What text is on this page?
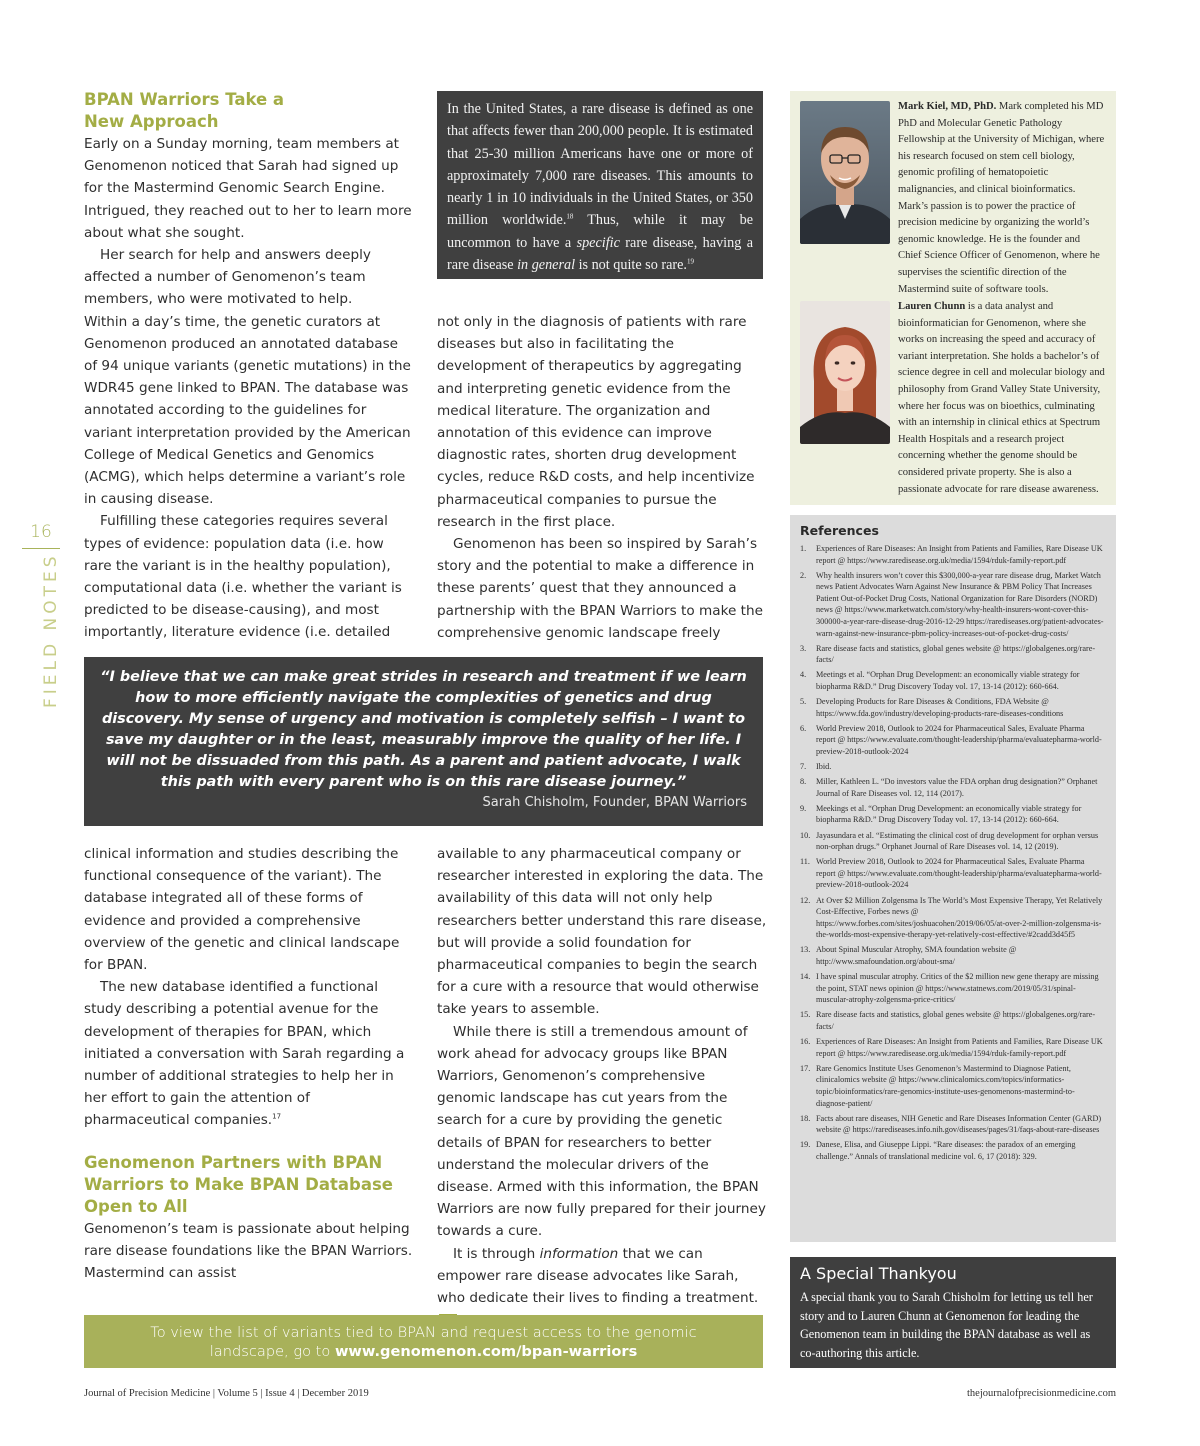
16
FIELD NOTES
BPAN Warriors Take a
New Approach

Early on a Sunday morning, team members at Genomenon noticed that Sarah had signed up for the Mastermind Genomic Search Engine. Intrigued, they reached out to her to learn more about what she sought.

Her search for help and answers deeply affected a number of Genomenon’s team members, who were motivated to help.

Within a day’s time, the genetic curators at Genomenon produced an annotated database of 94 unique variants (genetic mutations) in the WDR45 gene linked to BPAN. The database was annotated according to the guidelines for variant interpretation provided by the American College of Medical Genetics and Genomics (ACMG), which helps determine a variant’s role in causing disease.

Fulfilling these categories requires several types of evidence: population data (i.e. how rare the variant is in the healthy population), computational data (i.e. whether the variant is predicted to be disease-causing), and most importantly, literature evidence (i.e. detailed

In the United States, a rare disease is defined as one that affects fewer than 200,000 people. It is estimated that 25-30 million Americans have one or more of approximately 7,000 rare diseases. This amounts to nearly 1 in 10 individuals in the United States, or 350 million worldwide.$^{18}$ Thus, while it may be uncommon to have a specific rare disease, having a rare disease in general is not quite so rare.$^{19}$

not only in the diagnosis of patients with rare diseases but also in facilitating the development of therapeutics by aggregating and interpreting genetic evidence from the medical literature. The organization and annotation of this evidence can improve diagnostic rates, shorten drug development cycles, reduce R&D costs, and help incentivize pharmaceutical companies to pursue the research in the first place.

Genomenon has been so inspired by Sarah’s story and the potential to make a difference in these parents’ quest that they announced a partnership with the BPAN Warriors to make the comprehensive genomic landscape freely

“I believe that we can make great strides in research and treatment if we learn how to more efficiently navigate the complexities of genetics and drug discovery. My sense of urgency and motivation is completely selfish – I want to save my daughter or in the least, measurably improve the quality of her life. I will not be dissuaded from this path. As a parent and patient advocate, I walk this path with every parent who is on this rare disease journey.”
Sarah Chisholm, Founder, BPAN Warriors

clinical information and studies describing the functional consequence of the variant). The database integrated all of these forms of evidence and provided a comprehensive overview of the genetic and clinical landscape for BPAN.

The new database identified a functional study describing a potential avenue for the development of therapies for BPAN, which initiated a conversation with Sarah regarding a number of additional strategies to help her in her effort to gain the attention of pharmaceutical companies.$^{17}$

Genomenon Partners with BPAN Warriors to Make BPAN Database Open to All

Genomenon’s team is passionate about helping rare disease foundations like the BPAN Warriors. Mastermind can assist

available to any pharmaceutical company or researcher interested in exploring the data. The availability of this data will not only help researchers better understand this rare disease, but will provide a solid foundation for pharmaceutical companies to begin the search for a cure with a resource that would otherwise take years to assemble.

While there is still a tremendous amount of work ahead for advocacy groups like BPAN Warriors, Genomenon’s comprehensive genomic landscape has cut years from the search for a cure by providing the genetic details of BPAN for researchers to better understand the molecular drivers of the disease. Armed with this information, the BPAN Warriors are now fully prepared for their journey towards a cure.

It is through information that we can empower rare disease advocates like Sarah, who dedicate their lives to finding a treatment.

Mark Kiel, MD, PhD. Mark completed his MD PhD and Molecular Genetic Pathology Fellowship at the University of Michigan, where his research focused on stem cell biology, genomic profiling of hematopoietic malignancies, and clinical bioinformatics. Mark’s passion is to power the practice of precision medicine by organizing the world’s genomic knowledge. He is the founder and Chief Science Officer of Genomenon, where he supervises the scientific direction of the Mastermind suite of software tools.
Lauren Chunn is a data analyst and bioinformatician for Genomenon, where she works on increasing the speed and accuracy of variant interpretation. She holds a bachelor’s of science degree in cell and molecular biology and philosophy from Grand Valley State University, where her focus was on bioethics, culminating with an internship in clinical ethics at Spectrum Health Hospitals and a research project concerning whether the genome should be considered private property. She is also a passionate advocate for rare disease awareness.
References
1.	Experiences of Rare Diseases: An Insight from Patients and Families, Rare Disease UK report @ https://www.raredisease.org.uk/media/1594/rduk-family-report.pdf
2.	Why health insurers won’t cover this $300,000-a-year rare disease drug, Market Watch news Patient Advocates Warn Against New Insurance & PBM Policy That Increases Patient Out-of-Pocket Drug Costs, National Organization for Rare Disorders (NORD) news @ https://www.marketwatch.com/story/why-health-insurers-wont-cover-this-300000-a-year-rare-disease-drug-2016-12-29 https://rarediseases.org/patient-advocates-warn-against-new-insurance-pbm-policy-increases-out-of-pocket-drug-costs/
3.	Rare disease facts and statistics, global genes website @ https://globalgenes.org/rare-facts/
4.	Meetings et al. “Orphan Drug Development: an economically viable strategy for biopharma R&D.” Drug Discovery Today vol. 17, 13-14 (2012): 660-664.
5.	Developing Products for Rare Diseases & Conditions, FDA Website @ https://www.fda.gov/industry/developing-products-rare-diseases-conditions
6.	World Preview 2018, Outlook to 2024 for Pharmaceutical Sales, Evaluate Pharma report @ https://www.evaluate.com/thought-leadership/pharma/evaluatepharma-world-preview-2018-outlook-2024
7.	Ibid.
8.	Miller, Kathleen L. “Do investors value the FDA orphan drug designation?” Orphanet Journal of Rare Diseases vol. 12, 114 (2017).
9.	Meekings et al. “Orphan Drug Development: an economically viable strategy for biopharma R&D.” Drug Discovery Today vol. 17, 13-14 (2012): 660-664.
10. Jayasundara et al. “Estimating the clinical cost of drug development for orphan versus non-orphan drugs.” Orphanet Journal of Rare Diseases vol. 14, 12 (2019).
11. World Preview 2018, Outlook to 2024 for Pharmaceutical Sales, Evaluate Pharma report @ https://www.evaluate.com/thought-leadership/pharma/evaluatepharma-world-preview-2018-outlook-2024
12. At Over $2 Million Zolgensma Is The World’s Most Expensive Therapy, Yet Relatively Cost-Effective, Forbes news @ https://www.forbes.com/sites/joshuacohen/2019/06/05/at-over-2-million-zolgensma-is-the-worlds-most-expensive-therapy-yet-relatively-cost-effective/#2cadd3d45f5
13. About Spinal Muscular Atrophy, SMA foundation website @ http://www.smafoundation.org/about-sma/
14. I have spinal muscular atrophy. Critics of the $2 million new gene therapy are missing the point, STAT news opinion @ https://www.statnews.com/2019/05/31/spinal-muscular-atrophy-zolgensma-price-critics/
15. Rare disease facts and statistics, global genes website @ https://globalgenes.org/rare-facts/
16. Experiences of Rare Diseases: An Insight from Patients and Families, Rare Disease UK report @ https://www.raredisease.org.uk/media/1594/rduk-family-report.pdf
17. Rare Genomics Institute Uses Genomenon’s Mastermind to Diagnose Patient, clinicalomics website @ https://www.clinicalomics.com/topics/informatics-topic/bioinformatics/rare-genomics-institute-uses-genomenons-mastermind-to-diagnose-patient/
18. Facts about rare diseases, NIH Genetic and Rare Diseases Information Center (GARD) website @ https://rarediseases.info.nih.gov/diseases/pages/31/faqs-about-rare-diseases
19. Danese, Elisa, and Giuseppe Lippi. “Rare diseases: the paradox of an emerging challenge.” Annals of translational medicine vol. 6, 17 (2018): 329.
A Special Thankyou
A special thank you to Sarah Chisholm for letting us tell her story and to Lauren Chunn at Genomenon for leading the Genomenon team in building the BPAN database as well as co-authoring this article.
To view the list of variants tied to BPAN and request access to the genomic
landscape, go to www.genomenon.com/bpan-warriors
Journal of Precision Medicine | Volume 5 | Issue 4 | December 2019	thejournalofprecisionmedicine.com
